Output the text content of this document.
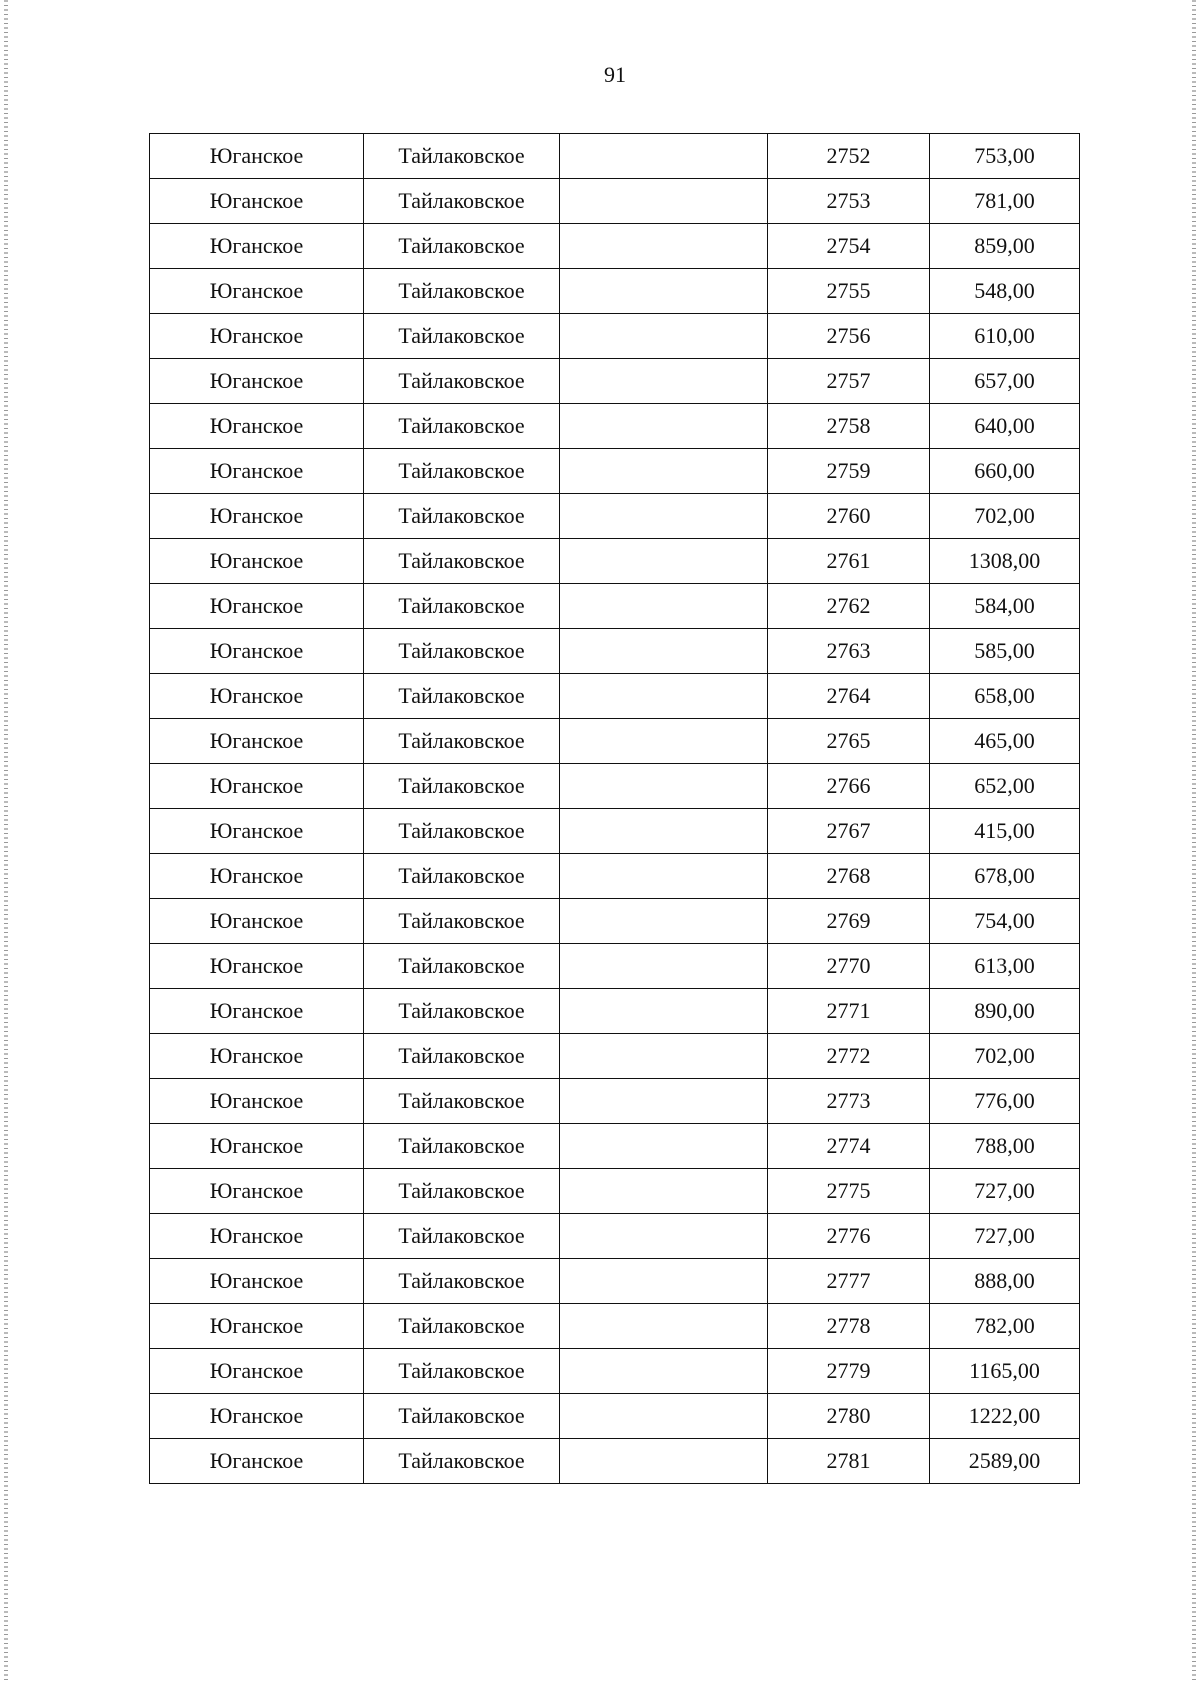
91
Юганское	Тайлаковское		2752	753,00
Юганское	Тайлаковское		2753	781,00
Юганское	Тайлаковское		2754	859,00
Юганское	Тайлаковское		2755	548,00
Юганское	Тайлаковское		2756	610,00
Юганское	Тайлаковское		2757	657,00
Юганское	Тайлаковское		2758	640,00
Юганское	Тайлаковское		2759	660,00
Юганское	Тайлаковское		2760	702,00
Юганское	Тайлаковское		2761	1308,00
Юганское	Тайлаковское		2762	584,00
Юганское	Тайлаковское		2763	585,00
Юганское	Тайлаковское		2764	658,00
Юганское	Тайлаковское		2765	465,00
Юганское	Тайлаковское		2766	652,00
Юганское	Тайлаковское		2767	415,00
Юганское	Тайлаковское		2768	678,00
Юганское	Тайлаковское		2769	754,00
Юганское	Тайлаковское		2770	613,00
Юганское	Тайлаковское		2771	890,00
Юганское	Тайлаковское		2772	702,00
Юганское	Тайлаковское		2773	776,00
Юганское	Тайлаковское		2774	788,00
Юганское	Тайлаковское		2775	727,00
Юганское	Тайлаковское		2776	727,00
Юганское	Тайлаковское		2777	888,00
Юганское	Тайлаковское		2778	782,00
Юганское	Тайлаковское		2779	1165,00
Юганское	Тайлаковское		2780	1222,00
Юганское	Тайлаковское		2781	2589,00
